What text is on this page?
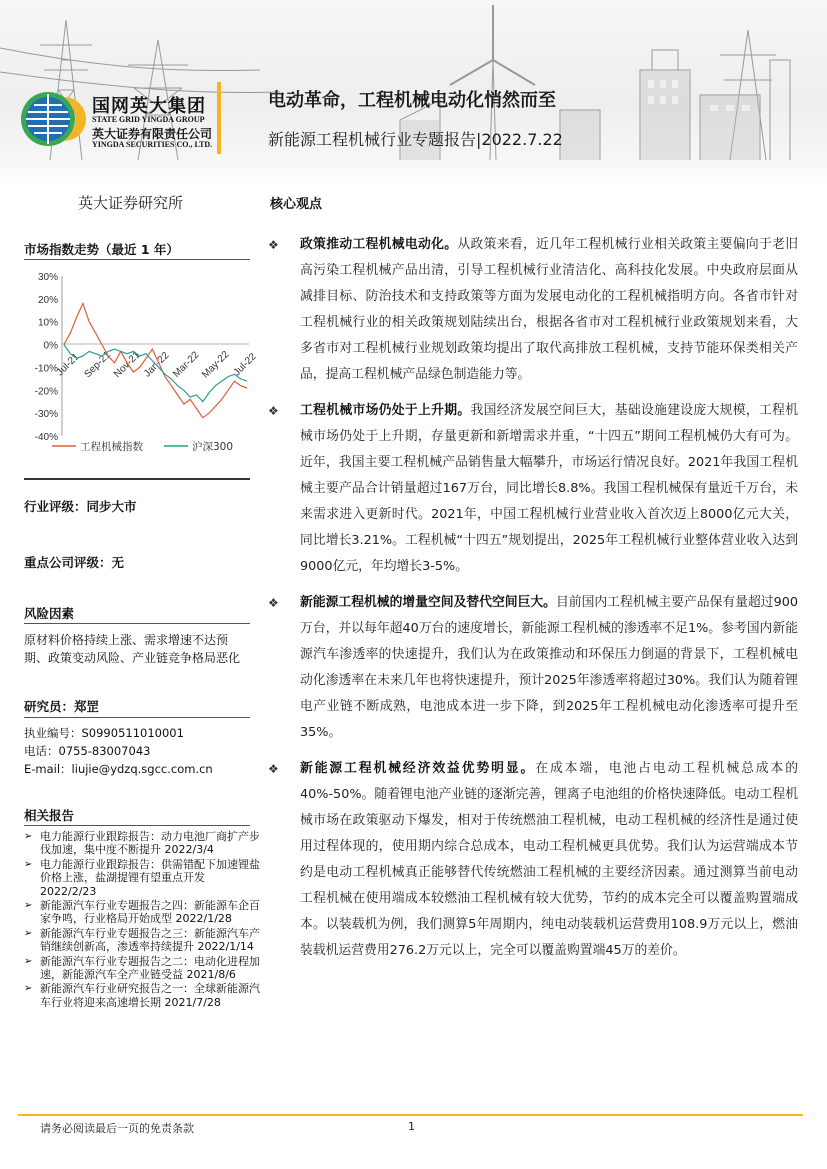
国网英大集团
STATE GRID YINGDA GROUP
英大证券有限责任公司
YINGDA SECURITIES CO., LTD.
电动革命，工程机械电动化悄然而至
新能源工程机械行业专题报告|2022.7.22
英大证券研究所	核心观点
市场指数走势（最近 1 年）
30%
20%
10%
0%
-10%
-20%
-30%
-40%
Jul-21 Sep-21
Nov-21 Jan-22 Mar-22
May-22 Jul-22
工程机械指数	沪深300
行业评级：同步大市
重点公司评级：无
风险因素
原材料价格持续上涨、需求增速不达预期、政策变动风险、产业链竞争格局恶化
研究员：郑罡
执业编号：S0990511010001
电话：0755-83007043
E-mail：liujie@ydzq.sgcc.com.cn
相关报告
➢ 电力能源行业跟踪报告：动力电池厂商扩产步伐加速，集中度不断提升 2022/3/4
➢ 电力能源行业跟踪报告：供需错配下加速锂盐价格上涨，盐湖提锂有望重点开发 2022/2/23
➢ 新能源汽车行业专题报告之四：新能源车企百家争鸣，行业格局开始成型 2022/1/28
➢ 新能源汽车行业专题报告之三：新能源汽车产销继续创新高，渗透率持续提升 2022/1/14
➢ 新能源汽车行业专题报告之二：电动化进程加速，新能源汽车全产业链受益 2021/8/6
➢ 新能源汽车行业研究报告之一：全球新能源汽车行业将迎来高速增长期 2021/7/28
❖ 政策推动工程机械电动化。从政策来看，近几年工程机械行业相关政策主要偏向于老旧高污染工程机械产品出清，引导工程机械行业清洁化、高科技化发展。中央政府层面从减排目标、防治技术和支持政策等方面为发展电动化的工程机械指明方向。各省市针对工程机械行业的相关政策规划陆续出台，根据各省市对工程机械行业政策规划来看，大多省市对工程机械行业规划政策均提出了取代高排放工程机械，支持节能环保类相关产品，提高工程机械产品绿色制造能力等。
❖ 工程机械市场仍处于上升期。我国经济发展空间巨大，基础设施建设庞大规模，工程机械市场仍处于上升期，存量更新和新增需求并重，“十四五”期间工程机械仍大有可为。近年，我国主要工程机械产品销售量大幅攀升，市场运行情况良好。2021年我国工程机械主要产品合计销量超过167万台，同比增长8.8%。我国工程机械保有量近千万台，未来需求进入更新时代。2021年，中国工程机械行业营业收入首次迈上8000亿元大关，同比增长3.21%。工程机械“十四五”规划提出，2025年工程机械行业整体营业收入达到9000亿元，年均增长3-5%。
❖ 新能源工程机械的增量空间及替代空间巨大。目前国内工程机械主要产品保有量超过900万台，并以每年超40万台的速度增长，新能源工程机械的渗透率不足1%。参考国内新能源汽车渗透率的快速提升，我们认为在政策推动和环保压力倒逼的背景下，工程机械电动化渗透率在未来几年也将快速提升，预计2025年渗透率将超过30%。我们认为随着锂电产业链不断成熟，电池成本进一步下降，到2025年工程机械电动化渗透率可提升至35%。
❖ 新能源工程机械经济效益优势明显。在成本端，电池占电动工程机械总成本的40%-50%。随着锂电池产业链的逐渐完善，锂离子电池组的价格快速降低。电动工程机械市场在政策驱动下爆发，相对于传统燃油工程机械，电动工程机械的经济性是通过使用过程体现的，使用期内综合总成本，电动工程机械更具优势。我们认为运营端成本节约是电动工程机械真正能够替代传统燃油工程机械的主要经济因素。通过测算当前电动工程机械在使用端成本较燃油工程机械有较大优势，节约的成本完全可以覆盖购置端成本。以装载机为例，我们测算5年周期内，纯电动装载机运营费用108.9万元以上，燃油装载机运营费用276.2万元以上，完全可以覆盖购置端45万的差价。
请务必阅读最后一页的免责条款	1
